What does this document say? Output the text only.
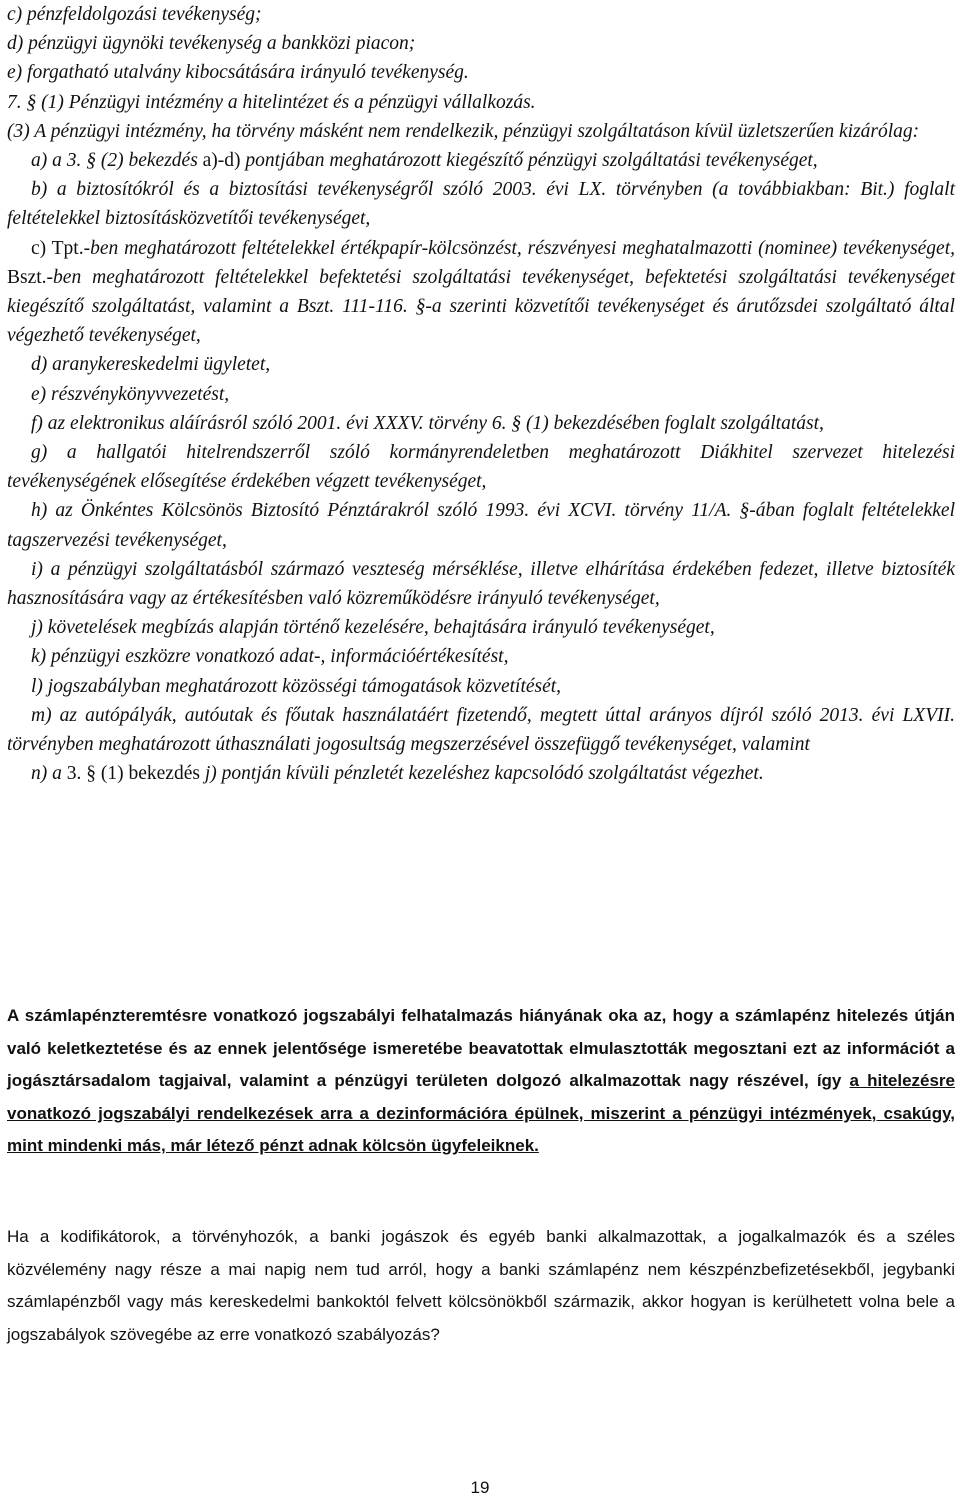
c) pénzfeldolgozási tevékenység;

d) pénzügyi ügynöki tevékenység a bankközi piacon;

e) forgatható utalvány kibocsátására irányuló tevékenység.

7. § (1) Pénzügyi intézmény a hitelintézet és a pénzügyi vállalkozás.

(3) A pénzügyi intézmény, ha törvény másként nem rendelkezik, pénzügyi szolgáltatáson kívül üzletszerűen kizárólag:

a) a 3. § (2) bekezdés a)-d) pontjában meghatározott kiegészítő pénzügyi szolgáltatási tevékenységet,

b) a biztosítókról és a biztosítási tevékenységről szóló 2003. évi LX. törvényben (a továbbiakban: Bit.) foglalt feltételekkel biztosításközvetítői tevékenységet,

c) Tpt.-ben meghatározott feltételekkel értékpapír-kölcsönzést, részvényesi meghatalmazotti (nominee) tevékenységet, Bszt.-ben meghatározott feltételekkel befektetési szolgáltatási tevékenységet, befektetési szolgáltatási tevékenységet kiegészítő szolgáltatást, valamint a Bszt. 111-116. §-a szerinti közvetítői tevékenységet és árutőzsdei szolgáltató által végezhető tevékenységet,

d) aranykereskedelmi ügyletet,

e) részvénykönyvvezetést,

f) az elektronikus aláírásról szóló 2001. évi XXXV. törvény 6. § (1) bekezdésében foglalt szolgáltatást,

g) a hallgatói hitelrendszerről szóló kormányrendeletben meghatározott Diákhitel szervezet hitelezési tevékenységének elősegítése érdekében végzett tevékenységet,

h) az Önkéntes Kölcsönös Biztosító Pénztárakról szóló 1993. évi XCVI. törvény 11/A. §-ában foglalt feltételekkel tagszervezési tevékenységet,

i) a pénzügyi szolgáltatásból származó veszteség mérséklése, illetve elhárítása érdekében fedezet, illetve biztosíték hasznosítására vagy az értékesítésben való közreműködésre irányuló tevékenységet,

j) követelések megbízás alapján történő kezelésére, behajtására irányuló tevékenységet,

k) pénzügyi eszközre vonatkozó adat-, információértékesítést,

l) jogszabályban meghatározott közösségi támogatások közvetítését,

m) az autópályák, autóutak és főutak használatáért fizetendő, megtett úttal arányos díjról szóló 2013. évi LXVII. törvényben meghatározott úthasználati jogosultság megszerzésével összefüggő tevékenységet, valamint

n) a 3. § (1) bekezdés j) pontján kívüli pénzletét kezeléshez kapcsolódó szolgáltatást végezhet.

A számlapénzteremtésre vonatkozó jogszabályi felhatalmazás hiányának oka az, hogy a számlapénz hitelezés útján való keletkeztetése és az ennek jelentősége ismeretébe beavatottak elmulasztották megosztani ezt az információt a jogásztársadalom tagjaival, valamint a pénzügyi területen dolgozó alkalmazottak nagy részével, így a hitelezésre vonatkozó jogszabályi rendelkezések arra a dezinformációra épülnek, miszerint a pénzügyi intézmények, csakúgy, mint mindenki más, már létező pénzt adnak kölcsön ügyfeleiknek.

Ha a kodifikátorok, a törvényhozók, a banki jogászok és egyéb banki alkalmazottak, a jogalkalmazók és a széles közvélemény nagy része a mai napig nem tud arról, hogy a banki számlapénz nem készpénzbefizetésekből, jegybanki számlapénzből vagy más kereskedelmi bankoktól felvett kölcsönökből származik, akkor hogyan is kerülhetett volna bele a jogszabályok szövegébe az erre vonatkozó szabályozás?

19
